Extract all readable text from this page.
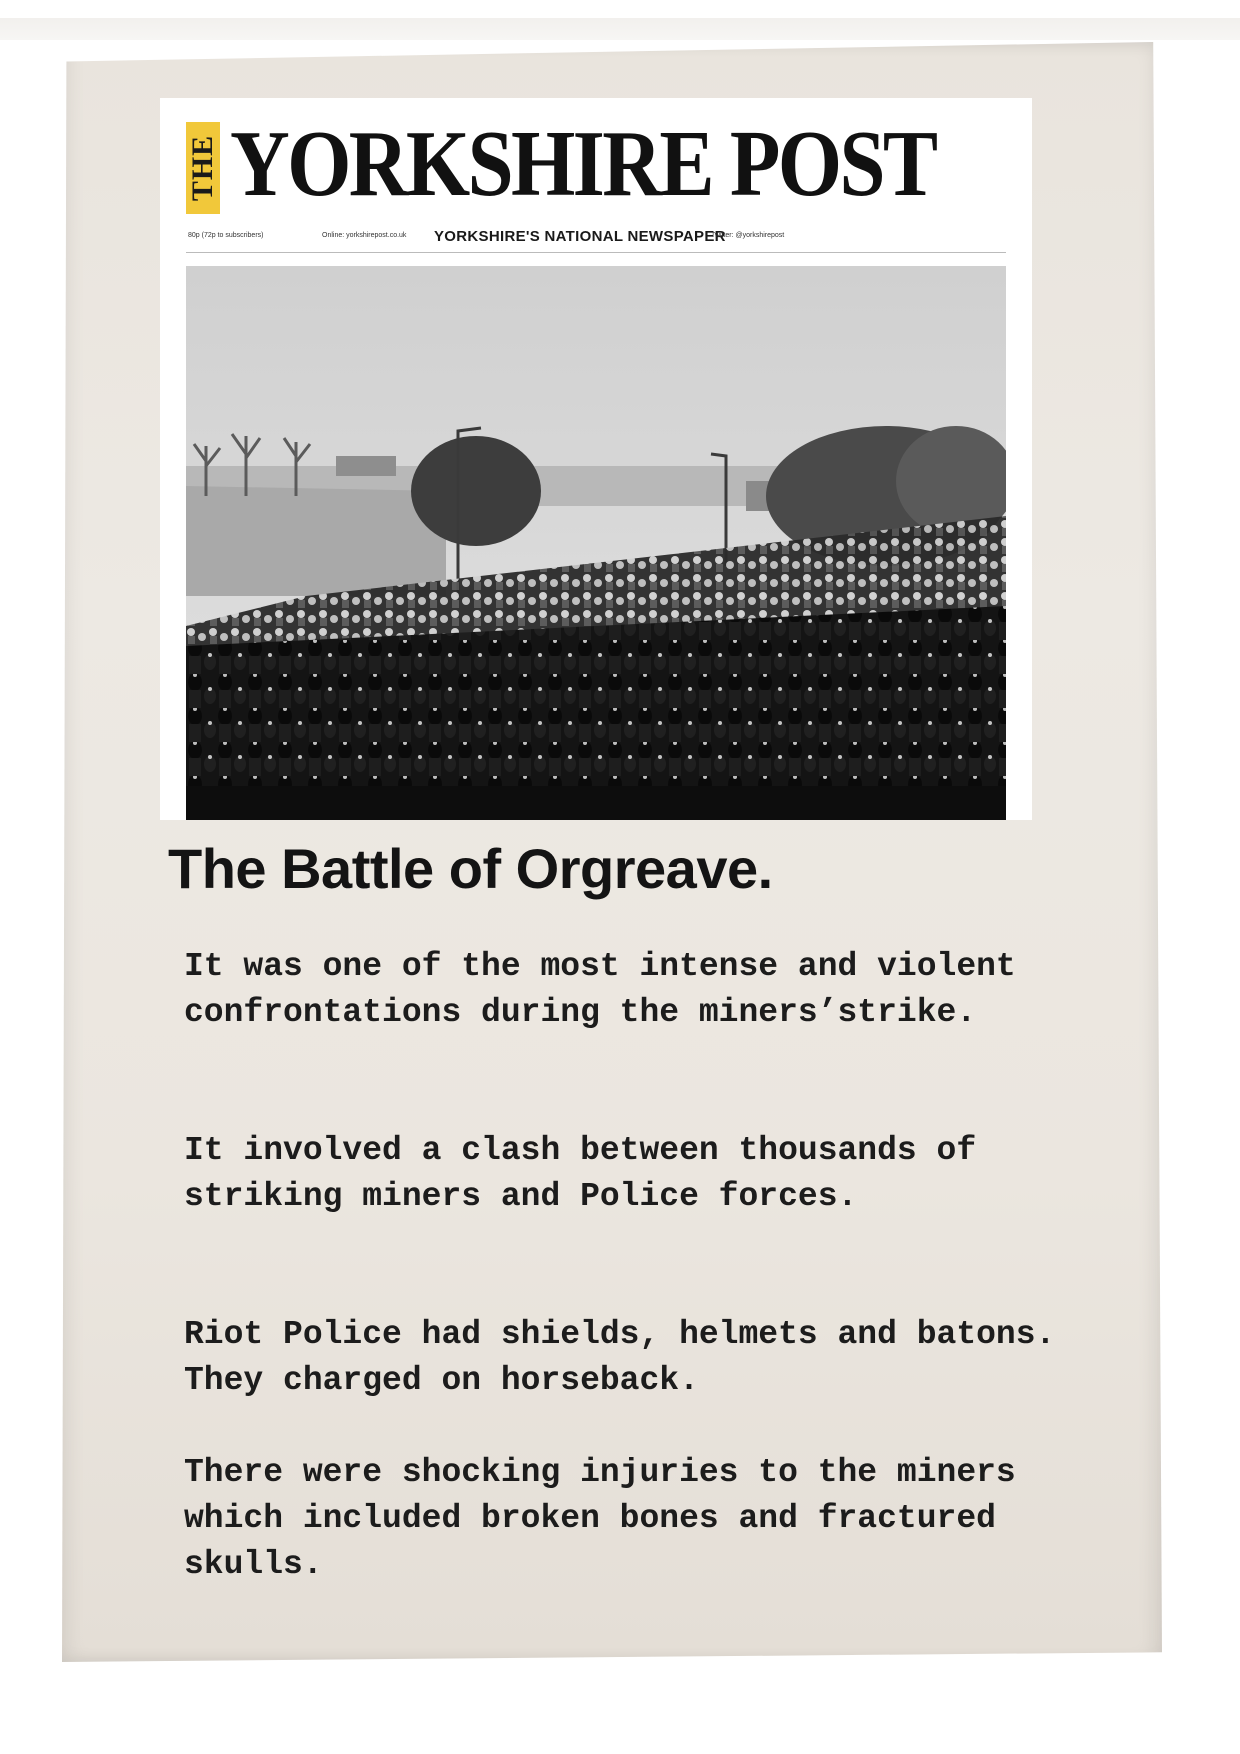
THE YORKSHIRE POST
80p (72p to subscribers)	Online: yorkshirepost.co.uk YORKSHIRE'S NATIONAL NEWSPAPER
Twitter: @yorkshirepost
The Battle of Orgreave.
It was one of the most intense and violent confrontations during the miners’strike.
It involved a clash between thousands of striking miners and Police forces.
Riot Police had shields, helmets and batons. They charged on horseback.
There were shocking injuries to the miners which included broken bones and fractured skulls.
